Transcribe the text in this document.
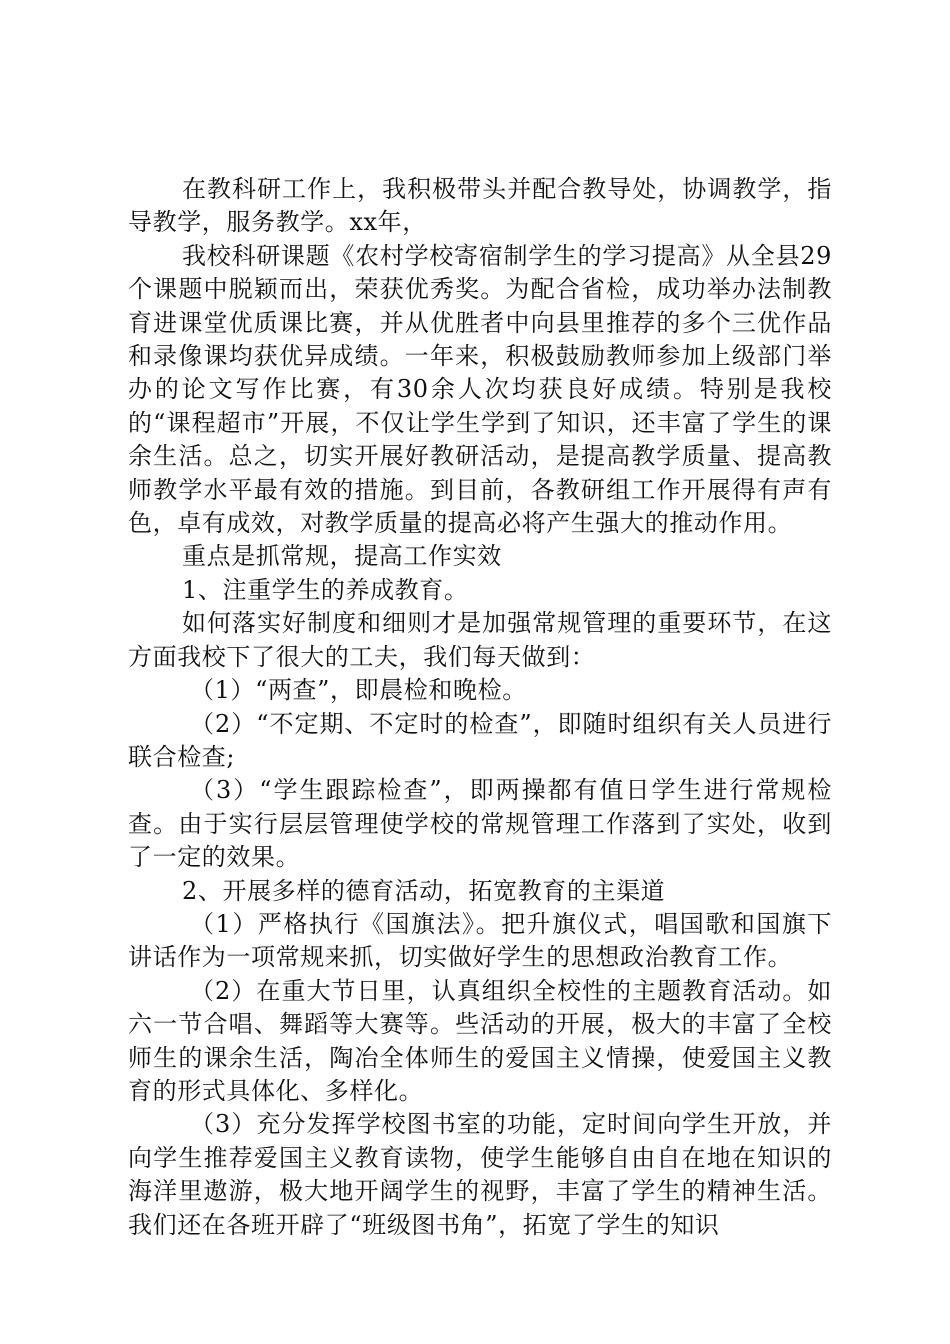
在教科研工作上，我积极带头并配合教导处，协调教学，指导教学，服务教学。xx年，

我校科研课题《农村学校寄宿制学生的学习提高》从全县29个课题中脱颖而出，荣获优秀奖。为配合省检，成功举办法制教育进课堂优质课比赛，并从优胜者中向县里推荐的多个三优作品和录像课均获优异成绩。一年来，积极鼓励教师参加上级部门举办的论文写作比赛，有30余人次均获良好成绩。特别是我校的“课程超市”开展，不仅让学生学到了知识，还丰富了学生的课余生活。总之，切实开展好教研活动，是提高教学质量、提高教师教学水平最有效的措施。到目前，各教研组工作开展得有声有色，卓有成效，对教学质量的提高必将产生强大的推动作用。

重点是抓常规，提高工作实效

1、注重学生的养成教育。

如何落实好制度和细则才是加强常规管理的重要环节，在这方面我校下了很大的工夫，我们每天做到：

（1）“两查”，即晨检和晚检。

（2）“不定期、不定时的检查”，即随时组织有关人员进行联合检查;

（3）“学生跟踪检查”，即两操都有值日学生进行常规检查。由于实行层层管理使学校的常规管理工作落到了实处，收到了一定的效果。

2、开展多样的德育活动，拓宽教育的主渠道

（1）严格执行《国旗法》。把升旗仪式，唱国歌和国旗下讲话作为一项常规来抓，切实做好学生的思想政治教育工作。

（2）在重大节日里，认真组织全校性的主题教育活动。如六一节合唱、舞蹈等大赛等。些活动的开展，极大的丰富了全校师生的课余生活，陶冶全体师生的爱国主义情操，使爱国主义教育的形式具体化、多样化。

（3）充分发挥学校图书室的功能，定时间向学生开放，并向学生推荐爱国主义教育读物，使学生能够自由自在地在知识的海洋里遨游，极大地开阔学生的视野，丰富了学生的精神生活。我们还在各班开辟了“班级图书角”，拓宽了学生的知识
